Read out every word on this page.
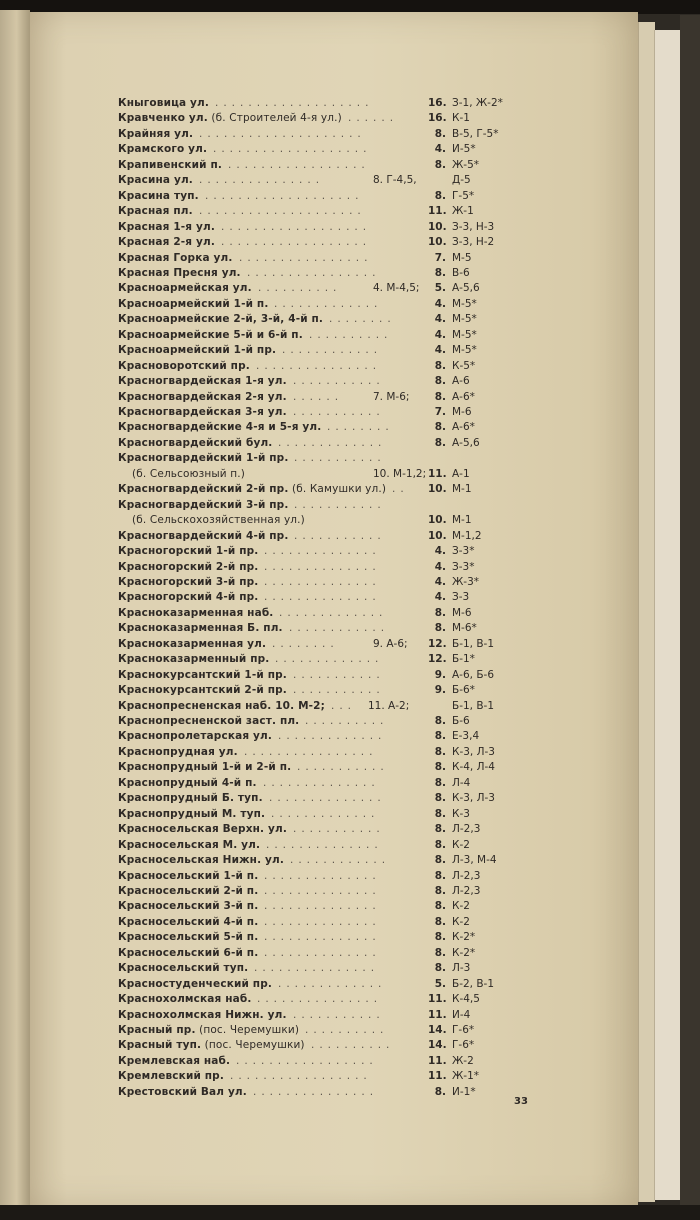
Кныговица ул. ...................	16. З-1, Ж-2*
Кравченко ул. (б. Строителей 4-я ул.) ......	16. К-1
Крайняя ул. ....................	8. В-5, Г-5*
Крамского ул. ...................	4. И-5*
Крапивенский п. .................	8. Ж-5*
Красина ул. ...............	8. Г-4,5,	Д-5
Красина туп. ...................	8. Г-5*
Красная пл. ....................	11. Ж-1
Красная 1-я ул. ..................	10. З-3, Н-3
Красная 2-я ул. ..................	10. З-3, Н-2
Красная Горка ул. ................	7. М-5
Красная Пресня ул. ................	8. В-6
Красноармейская ул. ..........	4. М-4,5;	5. А-5,6
Красноармейский 1-й п. .............	4. М-5*
Красноармейские 2-й, 3-й, 4-й п. ........	4. М-5*
Красноармейские 5-й и 6-й п. ..........	4. М-5*
Красноармейский 1-й пр. ............	4. М-5*
Красноворотский пр. ...............	8. К-5*
Красногвардейская 1-я ул. ...........	8. А-6
Красногвардейская 2-я ул. ......	7. М-6;	8. А-6*
Красногвардейская 3-я ул. ...........	7. М-6
Красногвардейские 4-я и 5-я ул. ........	8. А-6*
Красногвардейский бул. .............	8. А-5,6
Красногвардейский 1-й пр. ...........
(б. Сельсоюзный п.)	10. М-1,2; 11. А-1
Красногвардейский 2-й пр. (б. Камушки ул.) .. 10. М-1
Красногвардейский 3-й пр. ...........
(б. Сельскохозяйственная ул.)	10. М-1
Красногвардейский 4-й пр. ...........	10. М-1,2
Красногорский 1-й пр. ..............	4. З-3*
Красногорский 2-й пр. ..............	4. З-3*
Красногорский 3-й пр. ..............	4. Ж-3*
Красногорский 4-й пр. ..............	4. З-3
Красноказарменная наб. .............	8. М-6
Красноказарменная Б. пл. ............	8. М-6*
Красноказарменная ул. ........	9. А-6;	12. Б-1, В-1
Красноказарменный пр. .............	12. Б-1*
Краснокурсантский 1-й пр. ...........	9. А-6, Б-6
Краснокурсантский 2-й пр. ...........	9. Б-6*
Краснопресненская наб. 10. М-2; ... 11. А-2;	Б-1, В-1
Краснопресненской заст. пл. ..........	8. Б-6
Краснопролетарская ул. .............	8. Е-3,4
Краснопрудная ул. ................	8. К-3, Л-3
Краснопрудный 1-й и 2-й п. ...........	8. К-4, Л-4
Краснопрудный 4-й п. ..............	8. Л-4
Краснопрудный Б. туп. ..............	8. К-3, Л-3
Краснопрудный М. туп. .............	8. К-3
Красносельская Верхн. ул. ...........	8. Л-2,3
Красносельская М. ул. ..............	8. К-2
Красносельская Нижн. ул. ............	8. Л-3, М-4
Красносельский 1-й п. ..............	8. Л-2,3
Красносельский 2-й п. ..............	8. Л-2,3
Красносельский 3-й п. ..............	8. К-2
Красносельский 4-й п. ..............	8. К-2
Красносельский 5-й п. ..............	8. К-2*
Красносельский 6-й п. ..............	8. К-2*
Красносельский туп. ...............	8. Л-3
Красностуденческий пр. .............	5. Б-2, В-1
Краснохолмская наб. ...............	11. К-4,5
Краснохолмская Нижн. ул. ...........	11. И-4
Красный пр. (пос. Черемушки) ..........	14. Г-6*
Красный туп. (пос. Черемушки) ..........	14. Г-6*
Кремлевская наб. .................	11. Ж-2
Кремлевский пр. .................	11. Ж-1*
Крестовский Вал ул. ...............	8. И-1*
33
